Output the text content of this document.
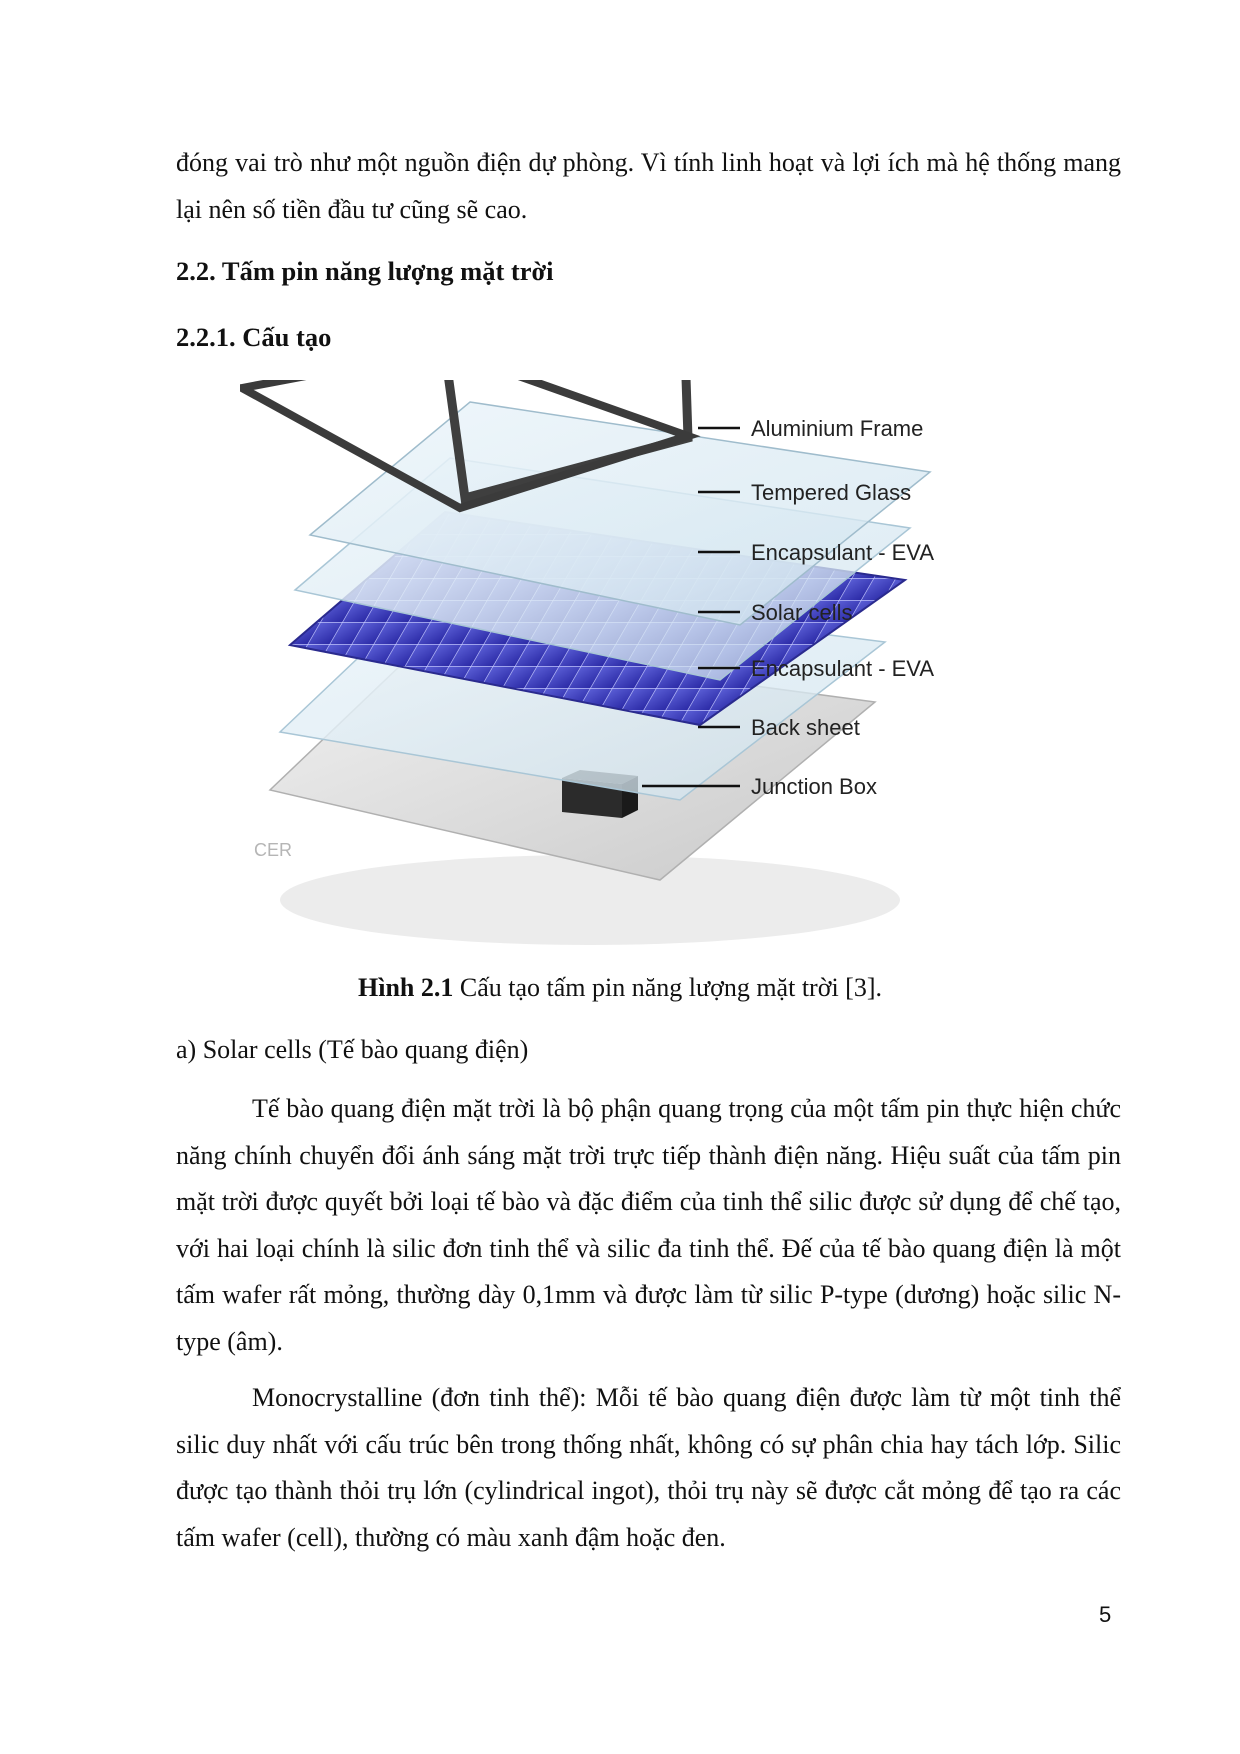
đóng vai trò như một nguồn điện dự phòng. Vì tính linh hoạt và lợi ích mà hệ thống mang lại nên số tiền đầu tư cũng sẽ cao.

2.2. Tấm pin năng lượng mặt trời
2.2.1. Cấu tạo
Aluminium Frame
Tempered Glass
Encapsulant - EVA
Solar cells
Encapsulant - EVA
Back sheet
Junction Box
CER

Hình 2.1 Cấu tạo tấm pin năng lượng mặt trời [3].

a) Solar cells (Tế bào quang điện)

Tế bào quang điện mặt trời là bộ phận quang trọng của một tấm pin thực hiện chức năng chính chuyển đổi ánh sáng mặt trời trực tiếp thành điện năng. Hiệu suất của tấm pin mặt trời được quyết bởi loại tế bào và đặc điểm của tinh thể silic được sử dụng để chế tạo, với hai loại chính là silic đơn tinh thể và silic đa tinh thể. Đế của tế bào quang điện là một tấm wafer rất mỏng, thường dày 0,1mm và được làm từ silic P-type (dương) hoặc silic N-type (âm).

Monocrystalline (đơn tinh thể): Mỗi tế bào quang điện được làm từ một tinh thể silic duy nhất với cấu trúc bên trong thống nhất, không có sự phân chia hay tách lớp. Silic được tạo thành thỏi trụ lớn (cylindrical ingot), thỏi trụ này sẽ được cắt mỏng để tạo ra các tấm wafer (cell), thường có màu xanh đậm hoặc đen.

5
